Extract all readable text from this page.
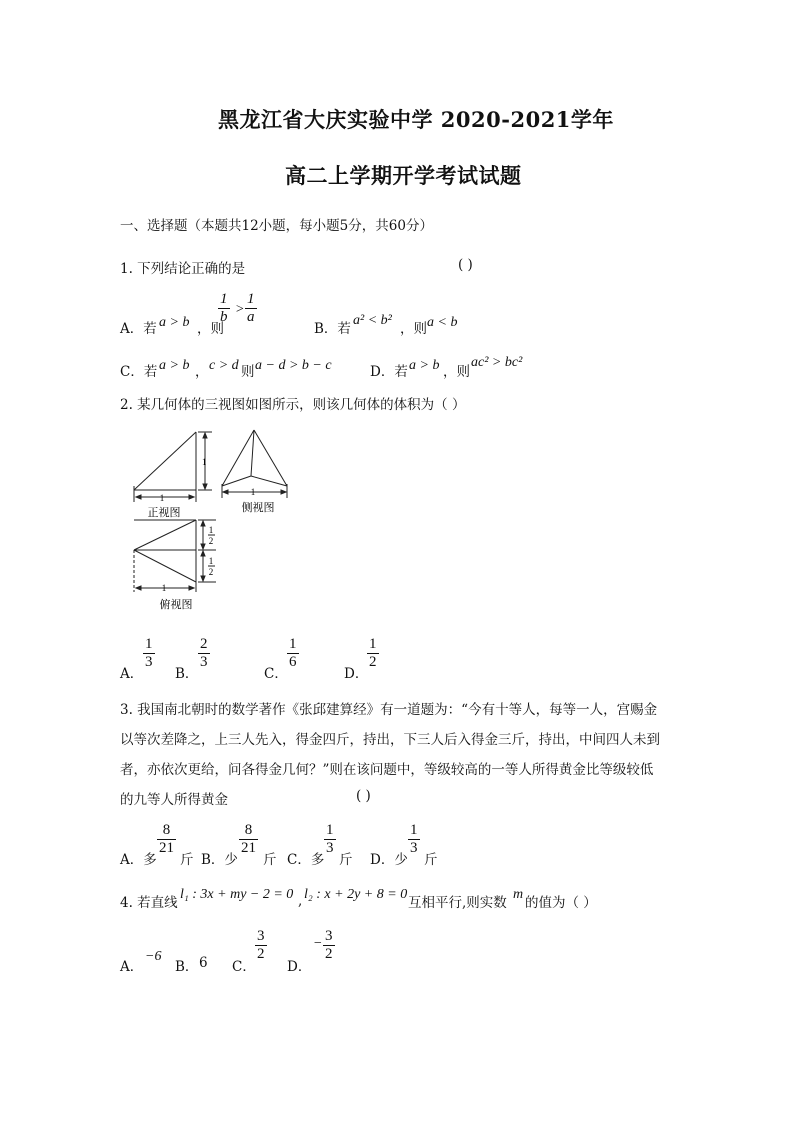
黑龙江省大庆实验中学 2020-2021学年
高二上学期开学考试试题
一、选择题（本题共12小题，每小题5分，共60分）
1. 下列结论正确的是	( )
A．若 a > b ，则
$\frac{1}{b} > \frac{1}{a}$
B．若
a² < b²
，则 a < b
C．若 a > b ， c > d 则 a − d > b − c	D．若 a > b ，则
ac² > bc²
2. 某几何体的三视图如图所示，则该几何体的体积为（ ）
1
1
正视图
1
侧视图
1
2
1
2
1
俯视图
A．
$\frac{1}{3}$
B．
$\frac{2}{3}$
C．
$\frac{1}{6}$
D．
$\frac{1}{2}$
3. 我国南北朝时的数学著作《张邱建算经》有一道题为：“今有十等人，每等一人，宫赐金
以等次差降之，上三人先入，得金四斤，持出，下三人后入得金三斤，持出，中间四人未到
者，亦依次更给，问各得金几何？”则在该问题中，等级较高的一等人所得黄金比等级较低
的九等人所得黄金	( )
A．多
$\frac{8}{21}$
斤 B．少
$\frac{8}{21}$
斤 C．多
$\frac{1}{3}$
斤 D．少
$\frac{1}{3}$
斤
4. 若直线
l₁ : 3x + my − 2 = 0 , l₂ : x + 2y + 8 = 0
互相平行,则实数
m
的值为（ ）
A．
−6
B． 6 C．
$\frac{3}{2}$
D．
− $\frac{3}{2}$
